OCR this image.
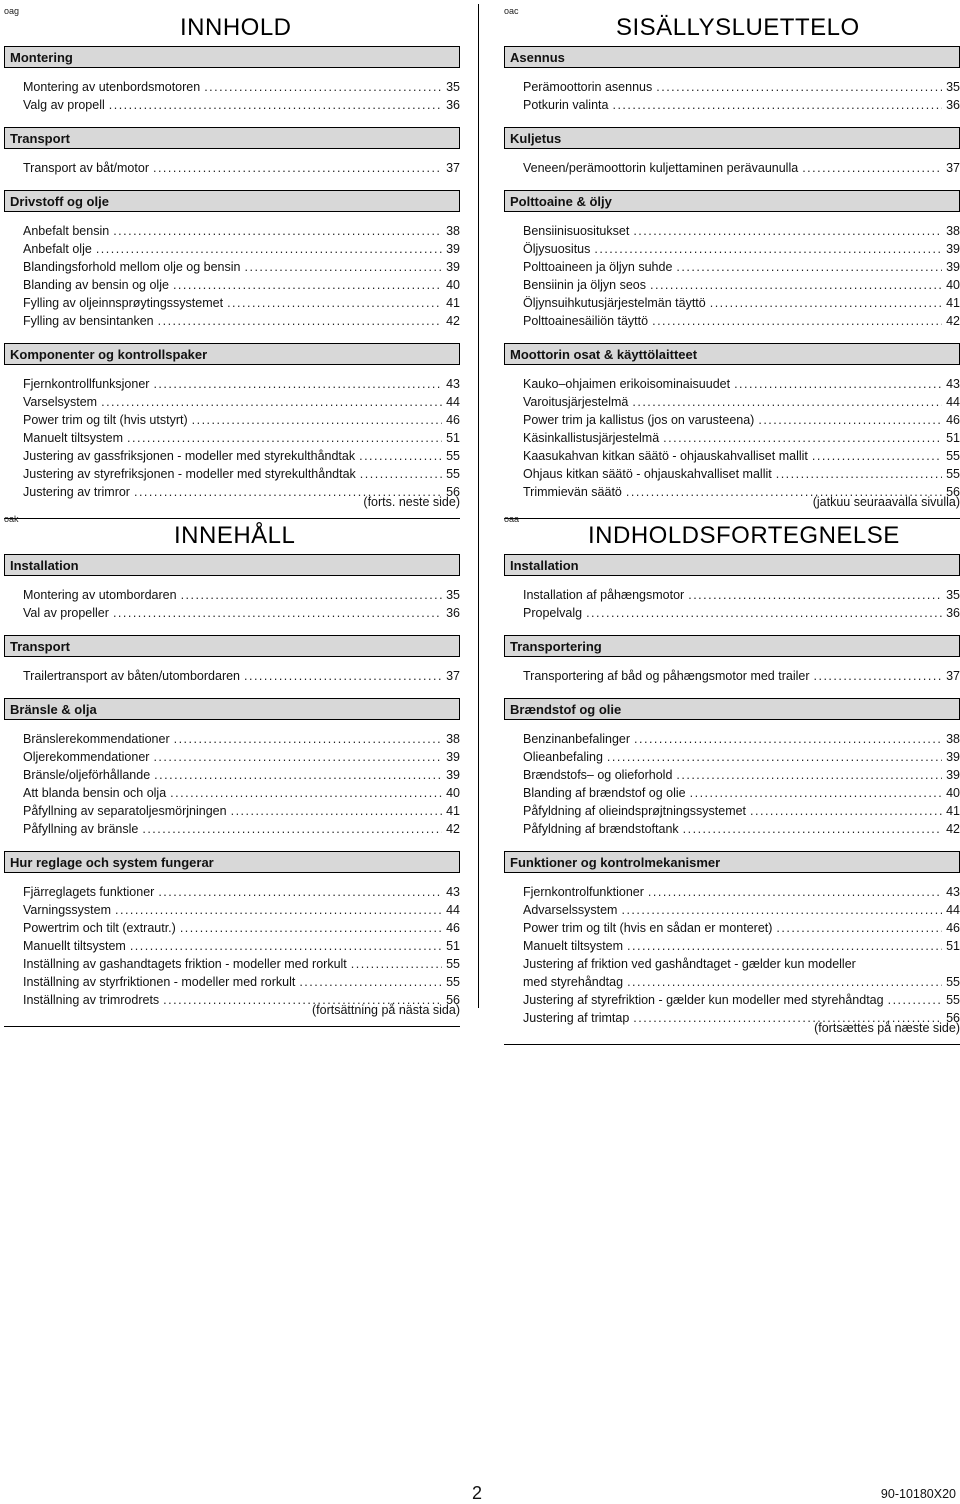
oag
INNHOLD
Montering
Montering av utenbordsmotoren .....	35
Valg av propell .....	36
Transport
Transport av båt/motor .....	37
Drivstoff og olje
Anbefalt bensin .....	38
Anbefalt olje .....	39
Blandingsforhold mellom olje og bensin .....	39
Blanding av bensin og olje .....	40
Fylling av oljeinnsprøytingssystemet .....	41
Fylling av bensintanken .....	42
Komponenter og kontrollspaker
Fjernkontrollfunksjoner .....	43
Varselsystem .....	44
Power trim og tilt (hvis utstyrt) .....	46
Manuelt tiltsystem .....	51
Justering av gassfriksjonen - modeller med styrekulthåndtak .....	55
Justering av styrefriksjonen - modeller med styrekulthåndtak .....	55
Justering av trimror .....	56
(forts. neste side)
oac
SISÄLLYSLUETTELO
Asennus
Perämoottorin asennus .....	35
Potkurin valinta .....	36
Kuljetus
Veneen/perämoottorin kuljettaminen perävaunulla .....	37
Polttoaine & öljy
Bensiinisuositukset .....	38
Öljysuositus .....	39
Polttoaineen ja öljyn suhde .....	39
Bensiinin ja öljyn seos .....	40
Öljynsuihkutusjärjestelmän täyttö .....	41
Polttoainesäiliön täyttö .....	42
Moottorin osat & käyttölaitteet
Kauko–ohjaimen erikoisominaisuudet .....	43
Varoitusjärjestelmä .....	44
Power trim ja kallistus (jos on varusteena) .....	46
Käsinkallistusjärjestelmä .....	51
Kaasukahvan kitkan säätö - ohjauskahvalliset mallit .....	55
Ohjaus kitkan säätö - ohjauskahvalliset mallit .....	55
Trimmievän säätö .....	56
(jatkuu seuraavalla sivulla)
oak
INNEHÅLL
Installation
Montering av utombordaren .....	35
Val av propeller .....	36
Transport
Trailertransport av båten/utombordaren .....	37
Bränsle & olja
Bränslerekommendationer .....	38
Oljerekommendationer .....	39
Bränsle/oljeförhållande .....	39
Att blanda bensin och olja .....	40
Påfyllning av separatoljesmörjningen .....	41
Påfyllning av bränsle .....	42
Hur reglage och system fungerar
Fjärreglagets funktioner .....	43
Varningssystem .....	44
Powertrim och tilt (extrautr.) .....	46
Manuellt tiltsystem .....	51
Inställning av gashandtagets friktion - modeller med rorkult .....	55
Inställning av styrfriktionen - modeller med rorkult .....	55
Inställning av trimrodrets .....	56
(fortsättning på nästa sida)
oaa
INDHOLDSFORTEGNELSE
Installation
Installation af påhængsmotor .....	35
Propelvalg .....	36
Transportering
Transportering af båd og påhængsmotor med trailer .....	37
Brændstof og olie
Benzinanbefalinger .....	38
Olieanbefaling .....	39
Brændstofs– og olieforhold .....	39
Blanding af brændstof og olie .....	40
Påfyldning af olieindsprøjtningssystemet .....	41
Påfyldning af brændstoftank .....	42
Funktioner og kontrolmekanismer
Fjernkontrolfunktioner .....	43
Advarselssystem .....	44
Power trim og tilt (hvis en sådan er monteret) .....	46
Manuelt tiltsystem .....	51
Justering af friktion ved gashåndtaget - gælder kun modeller
med styrehåndtag .....	55
Justering af styrefriktion - gælder kun modeller med styrehåndtag .....	55
Justering af trimtap .....	56
(fortsættes på næste side)
2	90-10180X20
